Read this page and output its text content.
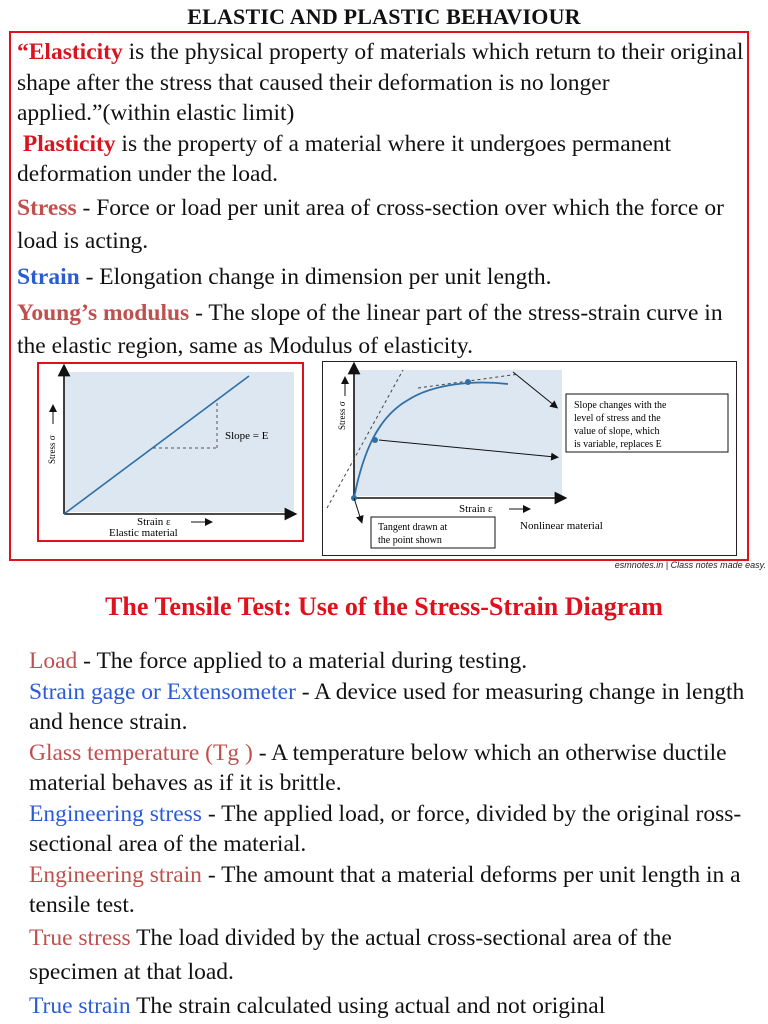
ELASTIC AND PLASTIC BEHAVIOUR

“Elasticity is the physical property of materials which return to their original shape after the stress that caused their deformation is no longer applied.”(within elastic limit)

Plasticity is the property of a material where it undergoes permanent deformation under the load.

Stress - Force or load per unit area of cross-section over which the force or load is acting.

Strain - Elongation change in dimension per unit length.

Young’s modulus - The slope of the linear part of the stress-strain curve in the elastic region, same as Modulus of elasticity.

Slope = E
Stress σ
Strain ε
Elastic material
Stress σ
Strain ε
Slope changes with the
level of stress and the
value of slope, which
is variable, replaces E
Tangent drawn at
the point shown
Nonlinear material
esmnotes.in | Class notes made easy.
The Tensile Test: Use of the Stress-Strain Diagram

Load - The force applied to a material during testing.

Strain gage or Extensometer - A device used for measuring change in length and hence strain.

Glass temperature (Tg ) - A temperature below which an otherwise ductile material behaves as if it is brittle.

Engineering stress - The applied load, or force, divided by the original ross-sectional area of the material.

Engineering strain - The amount that a material deforms per unit length in a tensile test.

True stress The load divided by the actual cross-sectional area of the specimen at that load.

True strain The strain calculated using actual and not original
